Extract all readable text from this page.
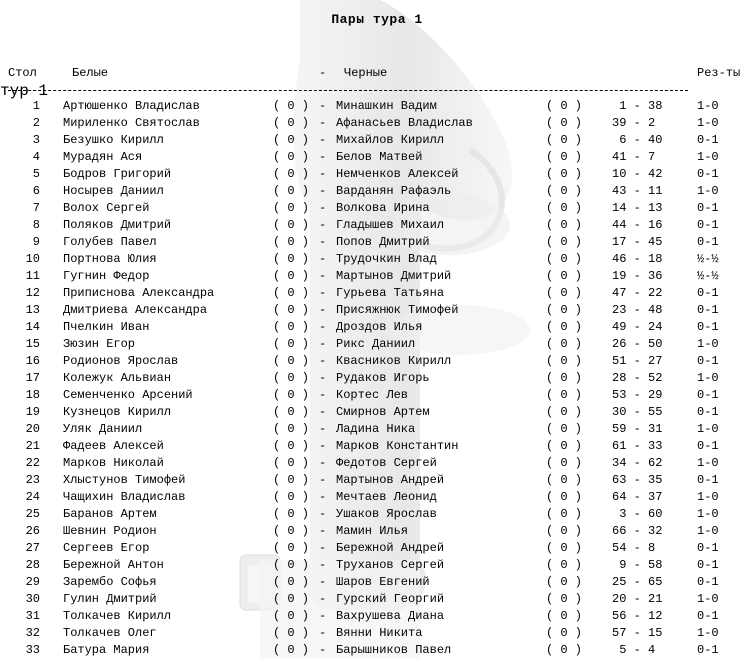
Пары тура 1
Стол	Белые	- Черные	Рез-ты
тур 1
1 Артюшенко Владислав	( 0 ) - Минашкин Вадим	( 0 ) 1 - 38	1-0
2 Мириленко Святослав	( 0 ) - Афанасьев Владислав	( 0 ) 39 - 2	1-0
3 Безушко Кирилл	( 0 ) - Михайлов Кирилл	( 0 ) 6 - 40	0-1
4 Мурадян Ася	( 0 ) - Белов Матвей	( 0 ) 41 - 7	1-0
5 Бодров Григорий	( 0 ) - Немченков Алексей	( 0 ) 10 - 42	0-1
6 Носырев Даниил	( 0 ) - Варданян Рафаэль	( 0 ) 43 - 11	1-0
7 Волох Сергей	( 0 ) - Волкова Ирина	( 0 ) 14 - 13	0-1
8 Поляков Дмитрий	( 0 ) - Гладышев Михаил	( 0 ) 44 - 16	0-1
9 Голубев Павел	( 0 ) - Попов Дмитрий	( 0 ) 17 - 45	0-1
10 Портнова Юлия	( 0 ) - Трудочкин Влад	( 0 ) 46 - 18	½-½
11 Гугнин Федор	( 0 ) - Мартынов Дмитрий	( 0 ) 19 - 36	½-½
12 Приписнова Александра	( 0 ) - Гурьева Татьяна	( 0 ) 47 - 22	0-1
13 Дмитриева Александра	( 0 ) - Присяжнюк Тимофей	( 0 ) 23 - 48	0-1
14 Пчелкин Иван	( 0 ) - Дроздов Илья	( 0 ) 49 - 24	0-1
15 Зюзин Егор	( 0 ) - Рикс Даниил	( 0 ) 26 - 50	1-0
16 Родионов Ярослав	( 0 ) - Квасников Кирилл	( 0 ) 51 - 27	0-1
17 Колежук Альвиан	( 0 ) - Рудаков Игорь	( 0 ) 28 - 52	1-0
18 Семенченко Арсений	( 0 ) - Кортес Лев	( 0 ) 53 - 29	0-1
19 Кузнецов Кирилл	( 0 ) - Смирнов Артем	( 0 ) 30 - 55	0-1
20 Уляк Даниил	( 0 ) - Ладина Ника	( 0 ) 59 - 31	1-0
21 Фадеев Алексей	( 0 ) - Марков Константин	( 0 ) 61 - 33	0-1
22 Марков Николай	( 0 ) - Федотов Сергей	( 0 ) 34 - 62	1-0
23 Хлыстунов Тимофей	( 0 ) - Мартынов Андрей	( 0 ) 63 - 35	0-1
24 Чащихин Владислав	( 0 ) - Мечтаев Леонид	( 0 ) 64 - 37	1-0
25 Баранов Артем	( 0 ) - Ушаков Ярослав	( 0 ) 3 - 60	1-0
26 Шевнин Родион	( 0 ) - Мамин Илья	( 0 ) 66 - 32	1-0
27 Сергеев Егор	( 0 ) - Бережной Андрей	( 0 ) 54 - 8	0-1
28 Бережной Антон	( 0 ) - Труханов Сергей	( 0 ) 9 - 58	0-1
29 Зарембо Софья	( 0 ) - Шаров Евгений	( 0 ) 25 - 65	0-1
30 Гулин Дмитрий	( 0 ) - Гурский Георгий	( 0 ) 20 - 21	1-0
31 Толкачев Кирилл	( 0 ) - Вахрушева Диана	( 0 ) 56 - 12	0-1
32 Толкачев Олег	( 0 ) - Вянни Никита	( 0 ) 57 - 15	1-0
33 Батура Мария	( 0 ) - Барышников Павел	( 0 ) 5 - 4	0-1
